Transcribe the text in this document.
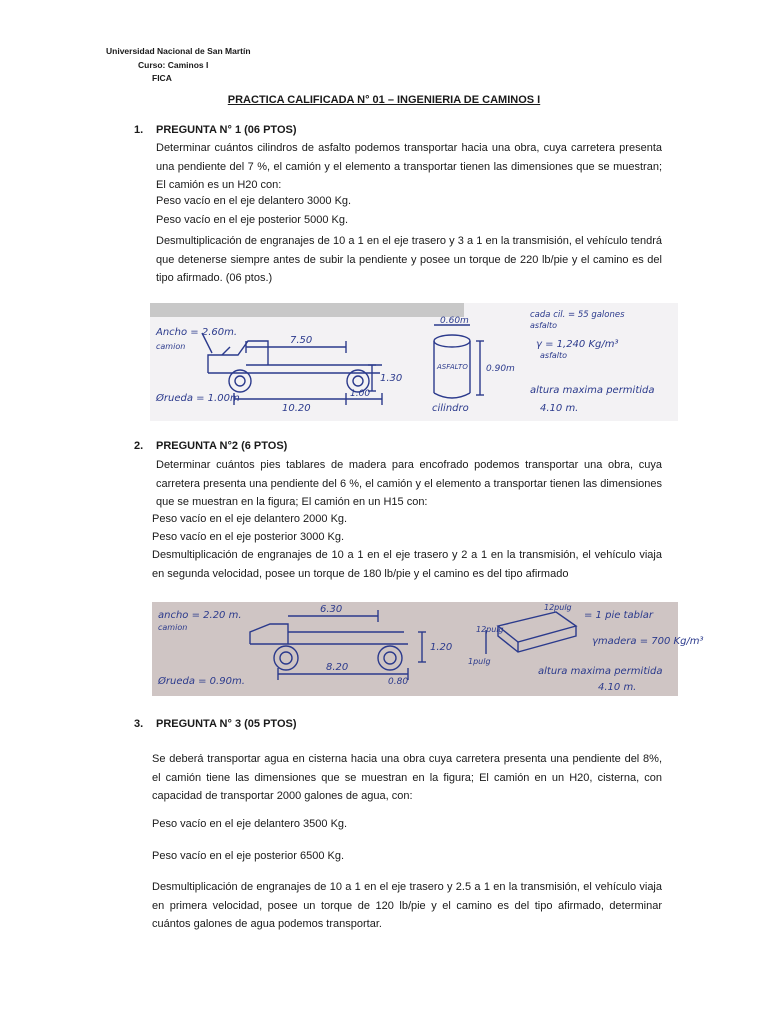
Universidad Nacional de San Martín
Curso: Caminos I
FICA
PRACTICA CALIFICADA N° 01 – INGENIERIA DE CAMINOS I
1. PREGUNTA N° 1 (06 PTOS)
Determinar cuántos cilindros de asfalto podemos transportar hacia una obra, cuya carretera presenta una pendiente del 7 %, el camión y el elemento a transportar tienen las dimensiones que se muestran; El camión es un H20 con:
Peso vacío en el eje delantero 3000 Kg.
Peso vacío en el eje posterior 5000 Kg.
Desmultiplicación de engranajes de 10 a 1 en el eje trasero y 3 a 1 en la transmisión, el vehículo tendrá que detenerse siempre antes de subir la pendiente y posee un torque de 220 lb/pie y el camino es del tipo afirmado. (06 ptos.)
Ancho = 2.60m.
camion
7.50
1.30
Ørueda = 1.00m
10.20
1.00
0.60m
ASFALTO 0.90m
cilindro
cada cil. = 55 galones
asfalto
γ = 1,240 Kg/m³
asfalto
altura maxima permitida
4.10 m.
2. PREGUNTA N°2 (6 PTOS)
Determinar cuántos pies tablares de madera para encofrado podemos transportar una obra, cuya carretera presenta una pendiente del 6 %, el camión y el elemento a transportar tienen las dimensiones que se muestran en la figura; El camión en un H15 con:
Peso vacío en el eje delantero 2000 Kg.
Peso vacío en el eje posterior 3000 Kg.
Desmultiplicación de engranajes de 10 a 1 en el eje trasero y 2 a 1 en la transmisión, el vehículo viaja en segunda velocidad, posee un torque de 180 lb/pie y el camino es del tipo afirmado
ancho = 2.20 m.
camion
6.30
1.20
Ørueda = 0.90m.
8.20
0.80
12pulg
12pulg
1pulg
= 1 pie tablar
γmadera = 700 Kg/m³
altura maxima permitida
4.10 m.
3. PREGUNTA N° 3 (05 PTOS)
Se deberá transportar agua en cisterna hacia una obra cuya carretera presenta una pendiente del 8%, el camión tiene las dimensiones que se muestran en la figura; El camión en un H20, cisterna, con capacidad de transportar 2000 galones de agua, con:
Peso vacío en el eje delantero 3500 Kg.
Peso vacío en el eje posterior 6500 Kg.
Desmultiplicación de engranajes de 10 a 1 en el eje trasero y 2.5 a 1 en la transmisión, el vehículo viaja en primera velocidad, posee un torque de 120 lb/pie y el camino es del tipo afirmado, determinar cuántos galones de agua podemos transportar.
